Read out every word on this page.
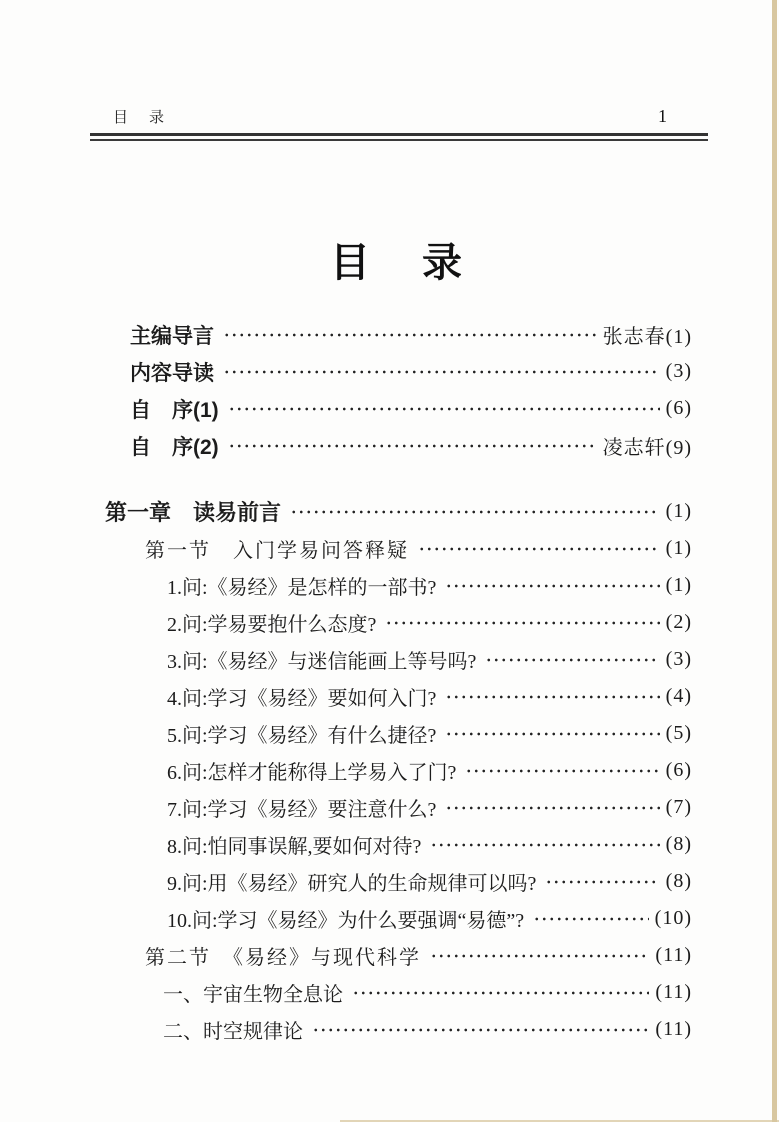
目　录	1
目　录
主编导言	张志春(1)
内容导读	(3)
自　序(1)	(6)
自　序(2)	凌志轩(9)
第一章　读易前言	(1)
第一节　入门学易问答释疑	(1)
1.问:《易经》是怎样的一部书?	(1)
2.问:学易要抱什么态度?	(2)
3.问:《易经》与迷信能画上等号吗?	(3)
4.问:学习《易经》要如何入门?	(4)
5.问:学习《易经》有什么捷径?	(5)
6.问:怎样才能称得上学易入了门?	(6)
7.问:学习《易经》要注意什么?	(7)
8.问:怕同事误解,要如何对待?	(8)
9.问:用《易经》研究人的生命规律可以吗?	(8)
10.问:学习《易经》为什么要强调“易德”?	(10)
第二节　《易经》与现代科学	(11)
一、宇宙生物全息论	(11)
二、时空规律论	(11)
